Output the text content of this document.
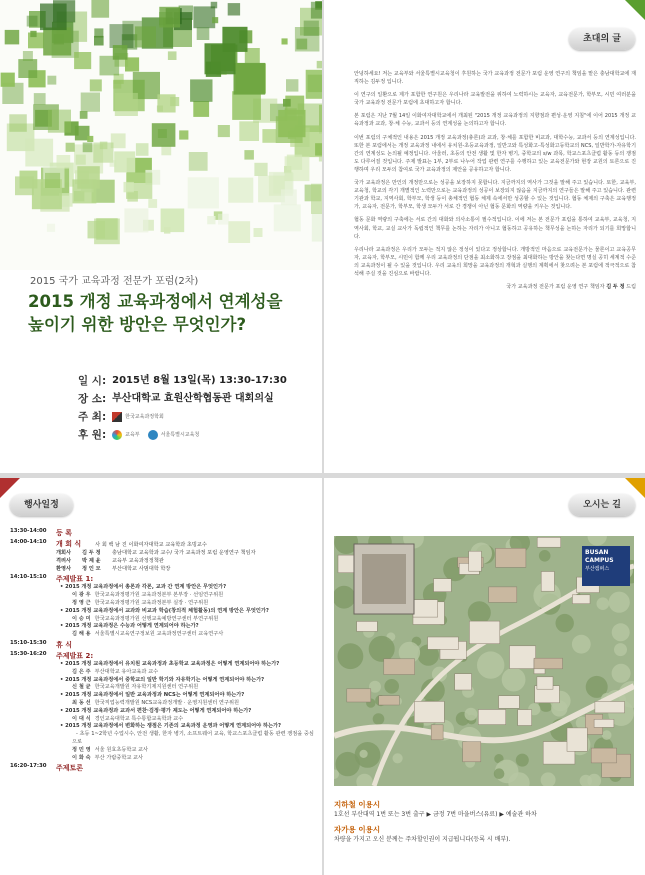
2015 국가 교육과정 전문가 포럼(2차)
2015 개정 교육과정에서 연계성을
높이기 위한 방안은 무엇인가?
일 시: 2015년 8월 13일(목) 13:30-17:30
장 소: 부산대학교 효원산학협동관 대회의실
주 최:	한국교육과정학회
후 원:	교육부	서울특별시교육청
초대의 글

안녕하세요! 저는 교육부와 서울특별시교육청이 후원하는 국가 교육과정 전문가 포럼 운영 연구의 책임을 맡은 충남대학교에 재직하는 김두정 입니다.

이 연구의 일환으로 제가 포함한 연구원은 우리나라 교육발전을 위하여 노력하시는 교육자, 교육전문가, 학부모, 시민 여러분을 국가 교육과정 전문가 포럼에 초대하고자 합니다.

본 포럼은 지난 7월 14일 이화여자대학교에서 개최된 "2015 개정 교육과정의 지향점과 편성·운영 지침"에 이어 2015 개정 교육과정과 교과, 창·체 수능, 교과서 등의 연계성을 논의하고자 합니다.

이번 포럼의 구체적인 내용은 2015 개정 교육과정(총론)과 교과, 창·체를 포함한 비교과, 대학수능, 교과서 등의 연계성입니다. 또한 본 포럼에서는 개정 교육과정 내에서 유치원-초등교육과정, 일반고와 특성화고-특성화고등학교의 NCS, 일반학가-자유학기 간의 연계성도 논의될 예정입니다. 아울러, 초등의 안전 생활 및 한자 병기, 중학교의 s/w 과목, 학교스포츠클럽 활동 등의 쟁점도 다루어질 것입니다. 주제 발표는 1부, 2부로 나누어 작업 관련 연구를 수행하고 있는 교육전문가와 현장 교원의 토론으로 진행하며 우리 모두의 참여로 국가 교육과정의 제안을 공유하고자 합니다.

국가 교육과정은 만인의 개정만으로는 성공을 보장하지 못합니다. 지금까지의 역사가 그것을 말해 주고 있습니다. 또한, 교육부, 교육청, 학교의 각기 개별적인 노력만으로는 교육과정의 성공이 보장되지 않음을 지금까지의 연구들은 말해 주고 있습니다. 관련 기관과 학교, 지역사회, 학부모, 학생 등이 총체적인 협동 체제 속에서만 성공할 수 있는 것입니다. 협동 체제의 구축은 교육행정가, 교육자, 전문가, 학부모, 학생 모두가 서로 간 경쟁이 아닌 협동 문화의 역량을 키우는 것입니다.

협동 문화 역량의 구축에는 서로 간의 대화와 의사소통이 필수적입니다. 이에 저는 본 전문가 포럼을 통하여 교육부, 교육청, 지역사회, 학교, 교실 교사가 독립적인 책무를 논하는 자리가 아니고 협동하고 공유하는 책무성을 논하는 자리가 되기를 희망합니다.

우리나라 교육과정은 우리가 모두는 적지 않은 정성이 있다고 정상합니다. 개방적인 마음으로 교육전문가는 물론이고 교육공무자, 교육자, 학부모, 시민이 함께 우리 교육과정의 단점을 최소화하고 장점을 최대화하는 방안을 찾는다면 명실 공히 세계적 수준의 교육과정이 될 수 있을 것입니다. 우리 교육의 희망을 교육과정의 개혁과 실행의 계획에서 찾으려는 본 포럼에 적극적으로 참석해 주실 것을 진심으로 바랍니다.

국가 교육과정 전문가 포럼 운영 연구 책임자 김 두 정 드림
행사일정
13:30-14:00	등 록
14:00-14:10	개 회 식	사 회 백 남 진 이화여자대학교 교육학과 초빙교수
개회사	김 두 정	충남대학교 교육학과 교수/ 국가 교육과정 포럼 운영연구 책임자
격려사	박 제 윤	교육부 교육과정정책관
환영사	정 인 모	부산대학교 사범대학 학장
14:10-15:10	주제발표 1:
• 2015 개정 교육과정에서 총론과 각론, 교과 간 연계 방안은 무엇인가?
이 광 우 한국교육과정평가원 교육과정본부 본부장 · 선임연구위원
정 영 근 한국교육과정평가원 교육과정본부 실장 · 연구위원
• 2015 개정 교육과정에서 교과와 비교과 학습(창의적 체험활동)의 연계 방안은 무엇인가?
이 승 미 한국교육과정평가원 선행교육예방연구센터 부연구위원
• 2015 개정 교육과정은 수능과 어떻게 연계되어야 하는가?
김 해 용 서울특별시교육연구정보원 교육과정연구센터 교육연구사
15:10-15:30	휴 식
15:30-16:20	주제발표 2:
• 2015 개정 교육과정에서 유치원 교육과정과 초등학교 교육과정은 어떻게 연계되어야 하는가?
김 은 주 부산대학교 유아교육과 교수
• 2015 개정 교육과정에서 중학교의 일반 학기와 자유학기는 어떻게 연계되어야 하는가?
신 철 균 한국교육개발원 자유학기제지원센터 연구위원
• 2015 개정 교육과정에서 일반 교육과정과 NCS는 어떻게 연계되어야 하는가?
최 동 선 한국직업능력개발원 NCS교육과정개발 · 운영지원센터 연구위원
• 2015 개정 교육과정과 교과서 편찬·검정·평가 제도는 어떻게 연계되어야 하는가?
이 대 식 경인교육대학교 특수통합교육학과 교수
• 2015 개정 교육과정에서 변화하는 쟁점은 기존의 교육과정 운영과 어떻게 연계되어야 하는가?
- 초등 1~2학년 수업시수, 안전 생활, 한자 병기, 소프트웨어 교육, 학교스포츠클럽 활동 관련 쟁점을 중심으로
정 민 영 서울 원효초등학교 교사
이 화 숙 부산 가람중학교 교사
16:20-17:30	주제토론
오시는 길
BUSAN CAMPUS
부산캠퍼스
지하철 이용시

1호선 부산대역 1번 또는 3번 출구 ▶ 금정 7번 마을버스(유료) ▶ 예술관 하차

자가용 이용시

차량을 가지고 오신 분께는 주차할인권이 지급됩니다(등록 시 배부).
